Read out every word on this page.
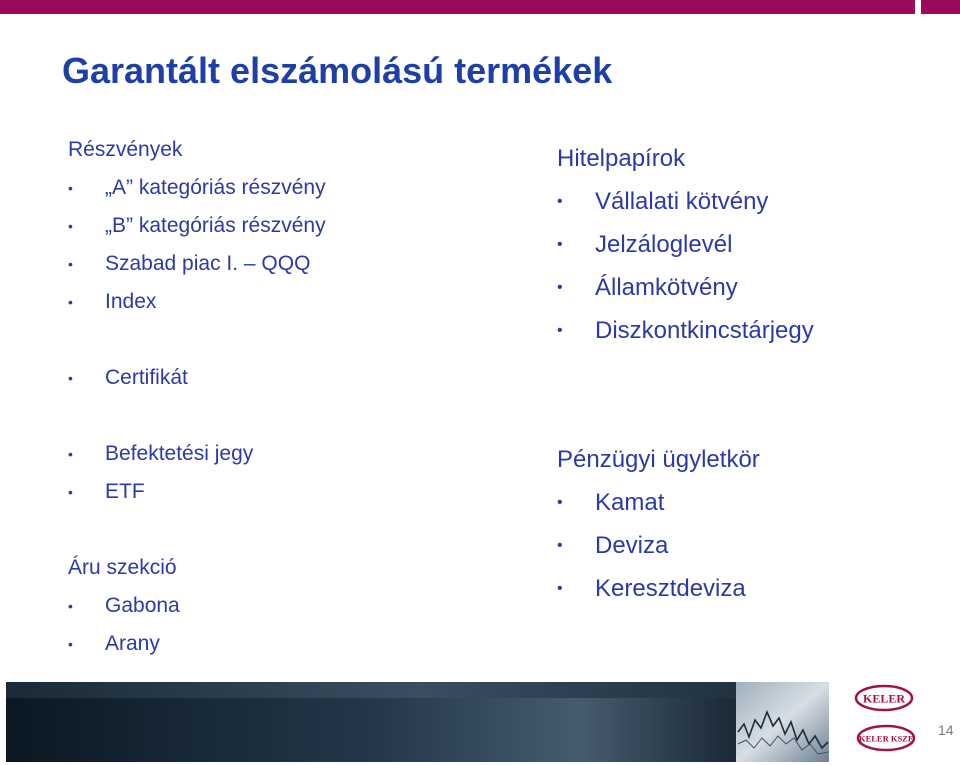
Garantált elszámolású termékek
Részvények
• „A” kategóriás részvény
• „B” kategóriás részvény
• Szabad piac I. – QQQ
• Index
• Certifikát
• Befektetési jegy
• ETF
Áru szekció
• Gabona
• Arany
Hitelpapírok
• Vállalati kötvény
• Jelzáloglevél
• Államkötvény
• Diszkontkincstárjegy
Pénzügyi ügyletkör
• Kamat
• Deviza
• Keresztdeviza
KELER
KELER KSZF
14
